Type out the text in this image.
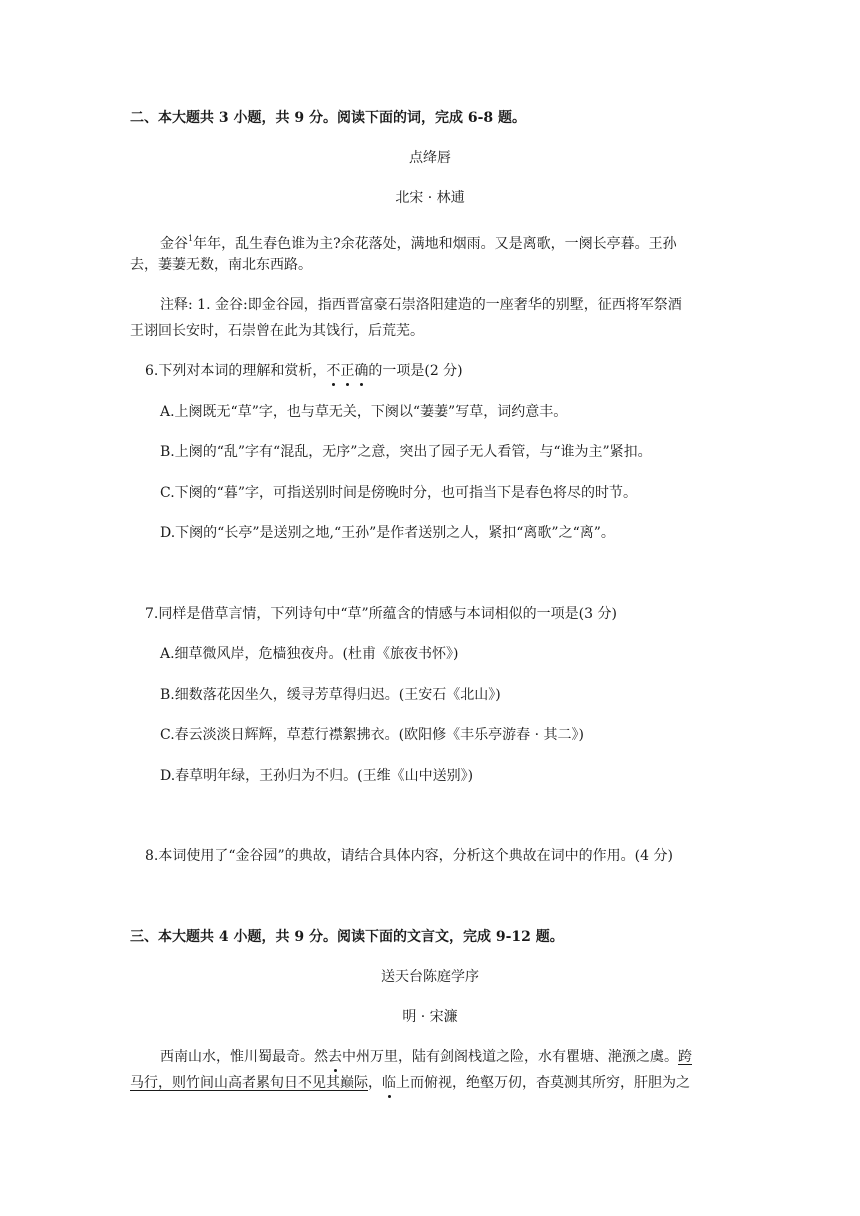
二、本大题共 3 小题，共 9 分。阅读下面的词，完成 6-8 题。
点绛唇
北宋 · 林逋
金谷$^1$年年，乱生春色谁为主?余花落处，满地和烟雨。又是离歌，一阕长亭暮。王孙
去，萋萋无数，南北东西路。
注释: 1. 金谷:即金谷园，指西晋富豪石崇洛阳建造的一座奢华的别墅，征西将军祭酒
王诩回长安时，石崇曾在此为其饯行，后荒芜。
6.下列对本词的理解和赏析，不正确的一项是(2 分)
A.上阕既无“草”字，也与草无关，下阕以“萋萋”写草，词约意丰。
B.上阕的“乱”字有“混乱，无序”之意，突出了园子无人看管，与“谁为主”紧扣。
C.下阕的“暮”字，可指送别时间是傍晚时分，也可指当下是春色将尽的时节。
D.下阕的“长亭”是送别之地,“王孙”是作者送别之人，紧扣“离歌”之“离”。
7.同样是借草言情，下列诗句中“草”所蕴含的情感与本词相似的一项是(3 分)
A.细草微风岸，危樯独夜舟。(杜甫《旅夜书怀》)
B.细数落花因坐久，缓寻芳草得归迟。(王安石《北山》)
C.春云淡淡日辉辉，草惹行襟絮拂衣。(欧阳修《丰乐亭游春 · 其二》)
D.春草明年绿，王孙归为不归。(王维《山中送别》)
8.本词使用了“金谷园”的典故，请结合具体内容，分析这个典故在词中的作用。(4 分)
三、本大题共 4 小题，共 9 分。阅读下面的文言文，完成 9-12 题。
送天台陈庭学序
明 · 宋濂
西南山水，惟川蜀最奇。然去中州万里，陆有剑阁栈道之险，水有瞿塘、滟滪之虞。跨
马行，则竹间山高者累旬日不见其巅际，临上而俯视，绝壑万仞，杳莫测其所穷，肝胆为之
